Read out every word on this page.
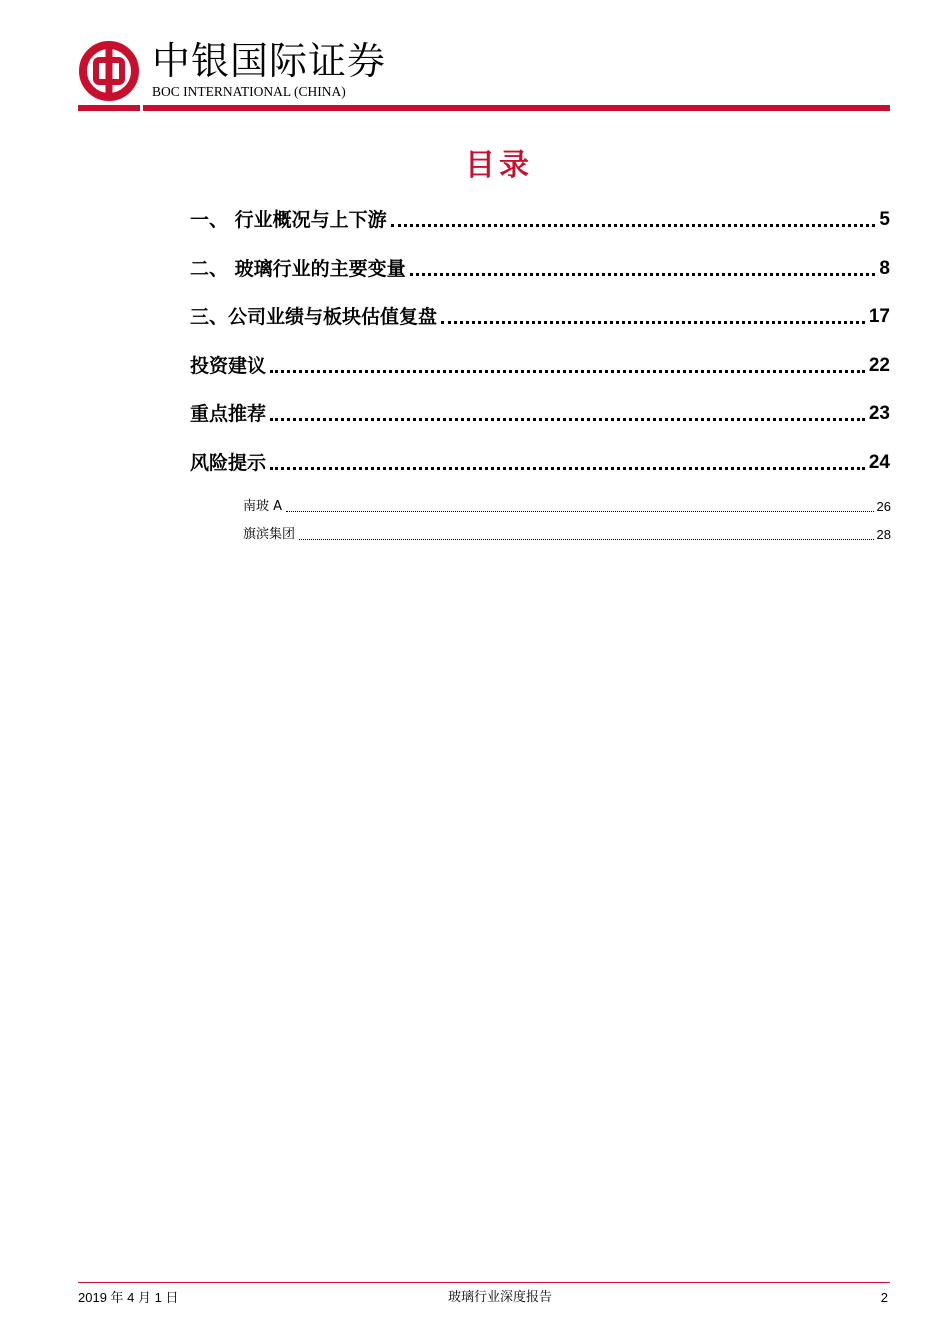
中银国际证券
BOC INTERNATIONAL (CHINA)
目录
一、 行业概况与上下游	5
二、 玻璃行业的主要变量	8
三、公司业绩与板块估值复盘	17
投资建议	22
重点推荐	23
风险提示	24
南玻 A	26
旗滨集团	28
2019 年 4 月 1 日	玻璃行业深度报告	2
